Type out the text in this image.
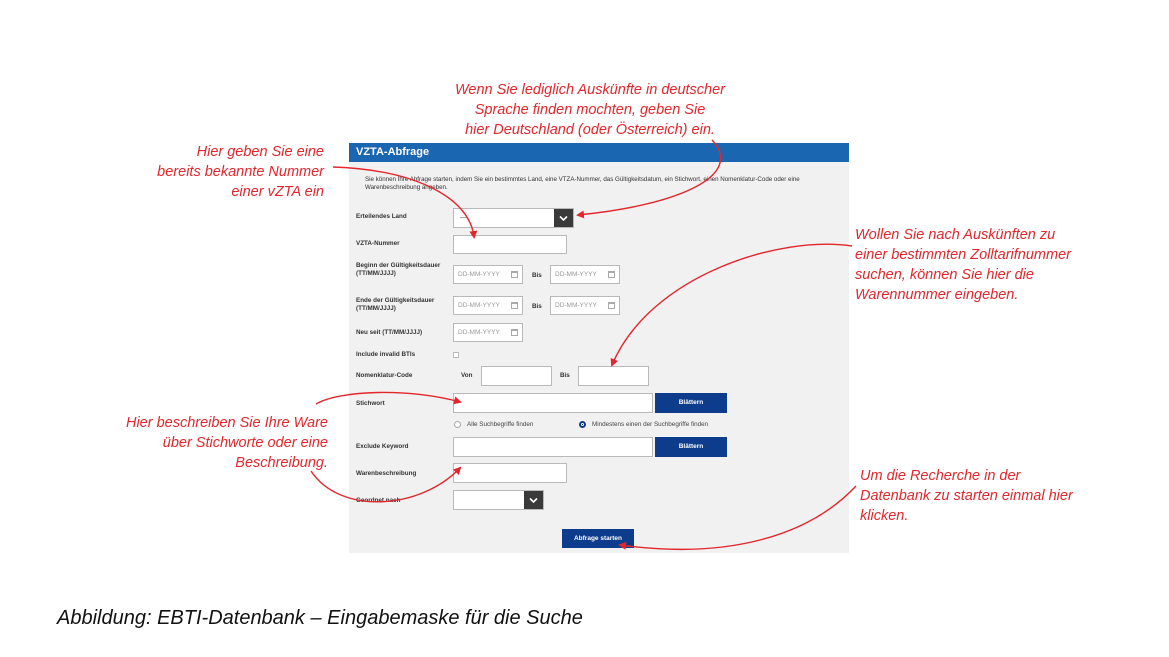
VZTA-Abfrage
Sie können Ihre Abfrage starten, indem Sie ein bestimmtes Land, eine VTZA-Nummer, das Gültigkeitsdatum, ein Stichwort, einen Nomenklatur-Code oder eine Warenbeschreibung angeben.
Erteilendes Land	—
VZTA-Nummer
Beginn der Gültigkeitsdauer (TT/MM/JJJJ)	DD-MM-YYYY	Bis	DD-MM-YYYY
Ende der Gültigkeitsdauer (TT/MM/JJJJ)	DD-MM-YYYY	Bis	DD-MM-YYYY
Neu seit (TT/MM/JJJJ)	DD-MM-YYYY
Include invalid BTIs
Nomenklatur-Code	Von	Bis
Stichwort	Blättern
Alle Suchbegriffe finden	Mindestens einen der Suchbegriffe finden
Exclude Keyword	Blättern
Warenbeschreibung
Geordnet nach
Abfrage starten
Wenn Sie lediglich Auskünfte in deutscher
Sprache finden mochten, geben Sie
hier Deutschland (oder Österreich) ein.
Hier geben Sie eine
bereits bekannte Nummer
einer vZTA ein
Wollen Sie nach Auskünften zu
einer bestimmten Zolltarifnummer
suchen, können Sie hier die
Warennummer eingeben.
Hier beschreiben Sie Ihre Ware
über Stichworte oder eine
Beschreibung.
Um die Recherche in der
Datenbank zu starten einmal hier
klicken.
Abbildung: EBTI-Datenbank – Eingabemaske für die Suche
